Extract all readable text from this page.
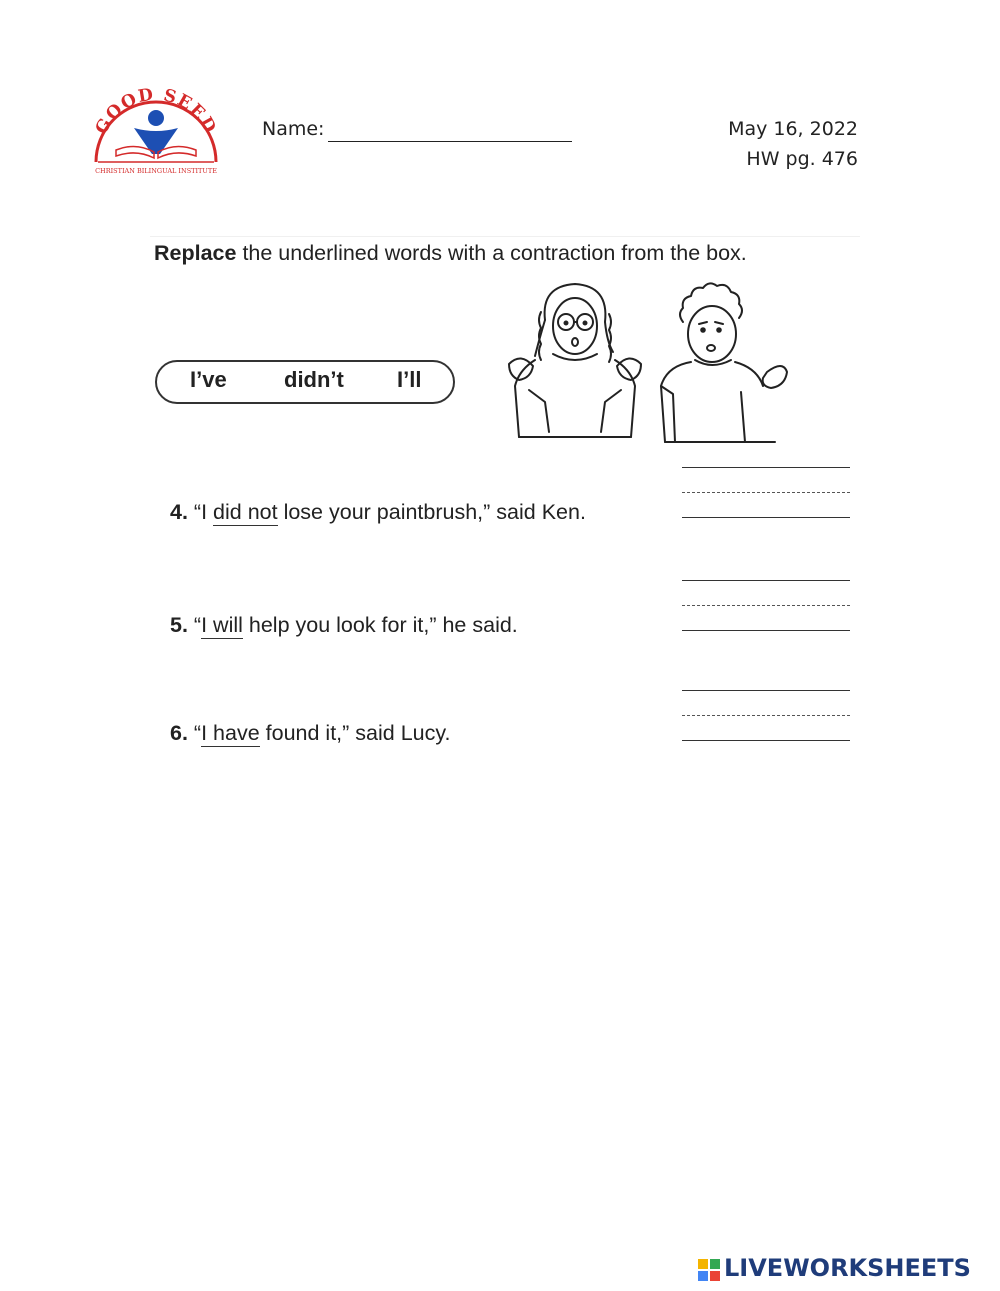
GOOD SEED
CHRISTIAN BILINGUAL INSTITUTE
Name:	May 16, 2022
HW pg. 476
Replace the underlined words with a contraction from the box.
I’ve	didn’t I’ll
4. “I did not lose your paintbrush,” said Ken.
5. “I will help you look for it,” he said.
6. “I have found it,” said Lucy.
LIVEWORKSHEETS
